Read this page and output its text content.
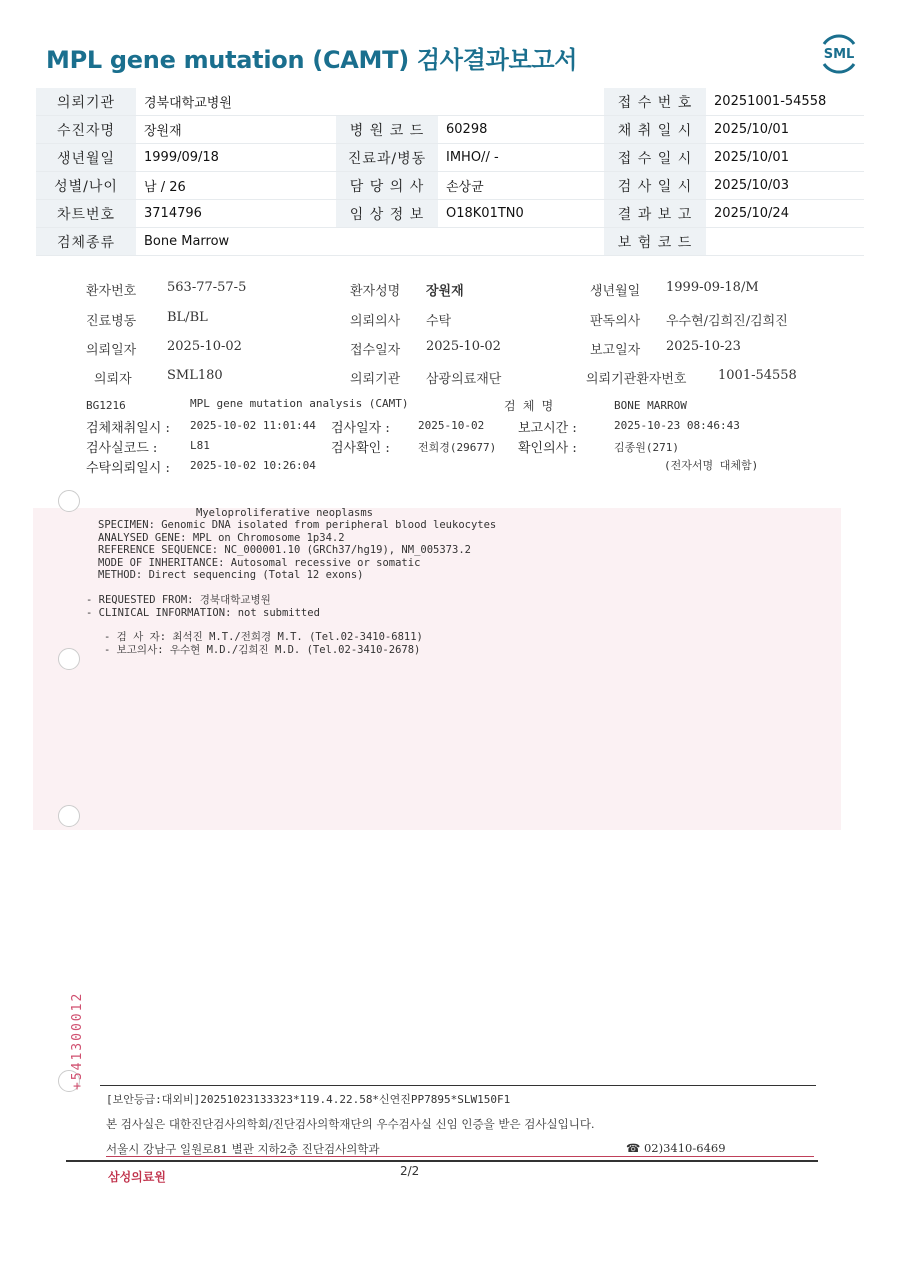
MPL gene mutation (CAMT) 검사결과보고서	SML
의뢰기관	경북대학교병원			접 수 번 호	20251001-54558
수진자명	장원재	병 원 코 드	60298	채 취 일 시	2025/10/01
생년월일	1999/09/18	진료과/병동	IMHO// -	접 수 일 시	2025/10/01
성별/나이	남 / 26	담 당 의 사	손상균	검 사 일 시	2025/10/03
차트번호	3714796	임 상 정 보	O18K01TN0	결 과 보 고	2025/10/24
검체종류	Bone Marrow			보 험 코 드	
환자번호 563-77-57-5	환자성명 장원재	생년월일 1999-09-18/M
진료병동 BL/BL	의뢰의사 수탁	판독의사 우수현/김희진/김희진
의뢰일자 2025-10-02	접수일자 2025-10-02	보고일자 2025-10-23
의뢰자	SML180	의뢰기관 삼광의료재단	의뢰기관환자번호 1001-54558
BG1216	MPL gene mutation analysis (CAMT)	검 체 명	BONE MARROW
검체채취일시 : 2025-10-02 11:01:44 검사일자 :	2025-10-02	보고시간 :	2025-10-23 08:46:43
검사실코드 :	L81	검사확인 :	전희경(29677) 확인의사 :	김종원(271)
수탁의뢰일시 : 2025-10-02 10:26:04	(전자서명 대체함)
Myeloproliferative neoplasms
SPECIMEN: Genomic DNA isolated from peripheral blood leukocytes
ANALYSED GENE: MPL on Chromosome 1p34.2
REFERENCE SEQUENCE: NC_000001.10 (GRCh37/hg19), NM_005373.2
MODE OF INHERITANCE: Autosomal recessive or somatic
METHOD: Direct sequencing (Total 12 exons)
- REQUESTED FROM: 경북대학교병원
- CLINICAL INFORMATION: not submitted
- 검 사 자: 최석진 M.T./전희경 M.T. (Tel.02-3410-6811)
- 보고의사: 우수현 M.D./김희진 M.D. (Tel.02-3410-2678)
+541300012
[보안등급:대외비]20251023133323*119.4.22.58*신연진PP7895*SLW150F1
본 검사실은 대한진단검사의학회/진단검사의학재단의 우수검사실 신임 인증을 받은 검사실입니다.
서울시 강남구 일원로81 별관 지하2층 진단검사의학과	☎ 02)3410-6469
삼성의료원	2/2
